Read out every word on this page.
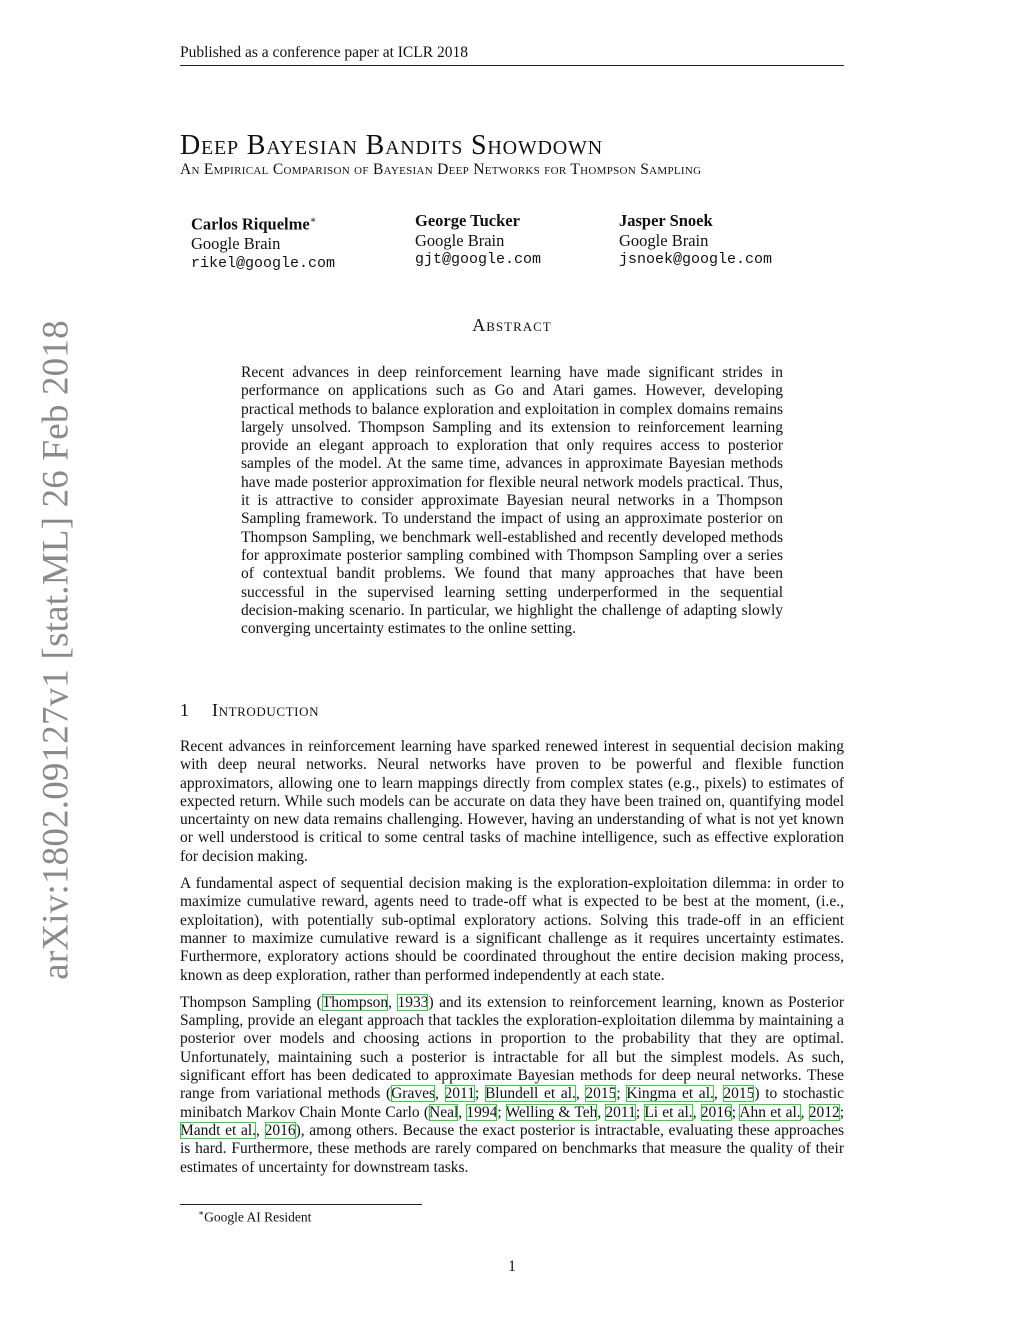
Published as a conference paper at ICLR 2018
arXiv:1802.09127v1 [stat.ML] 26 Feb 2018
Deep Bayesian Bandits Showdown
An Empirical Comparison of Bayesian Deep Networks for Thompson Sampling
Carlos Riquelme∗
Google Brain
rikel@google.com
George Tucker
Google Brain
gjt@google.com
Jasper Snoek
Google Brain
jsnoek@google.com
Abstract
Recent advances in deep reinforcement learning have made significant strides in performance on applications such as Go and Atari games. However, developing practical methods to balance exploration and exploitation in complex domains remains largely unsolved. Thompson Sampling and its extension to reinforcement learning provide an elegant approach to exploration that only requires access to posterior samples of the model. At the same time, advances in approximate Bayesian methods have made posterior approximation for flexible neural network models practical. Thus, it is attractive to consider approximate Bayesian neural networks in a Thompson Sampling framework. To understand the impact of using an approximate posterior on Thompson Sampling, we benchmark well-established and recently developed methods for approximate posterior sampling combined with Thompson Sampling over a series of contextual bandit problems. We found that many approaches that have been successful in the supervised learning setting underperformed in the sequential decision-making scenario. In particular, we highlight the challenge of adapting slowly converging uncertainty estimates to the online setting.
1 Introduction

Recent advances in reinforcement learning have sparked renewed interest in sequential decision making with deep neural networks. Neural networks have proven to be powerful and flexible function approximators, allowing one to learn mappings directly from complex states (e.g., pixels) to estimates of expected return. While such models can be accurate on data they have been trained on, quantifying model uncertainty on new data remains challenging. However, having an understanding of what is not yet known or well understood is critical to some central tasks of machine intelligence, such as effective exploration for decision making.

A fundamental aspect of sequential decision making is the exploration-exploitation dilemma: in order to maximize cumulative reward, agents need to trade-off what is expected to be best at the moment, (i.e., exploitation), with potentially sub-optimal exploratory actions. Solving this trade-off in an efficient manner to maximize cumulative reward is a significant challenge as it requires uncertainty estimates. Furthermore, exploratory actions should be coordinated throughout the entire decision making process, known as deep exploration, rather than performed independently at each state.

Thompson Sampling (Thompson, 1933) and its extension to reinforcement learning, known as Posterior Sampling, provide an elegant approach that tackles the exploration-exploitation dilemma by maintaining a posterior over models and choosing actions in proportion to the probability that they are optimal. Unfortunately, maintaining such a posterior is intractable for all but the simplest models. As such, significant effort has been dedicated to approximate Bayesian methods for deep neural networks. These range from variational methods (Graves, 2011; Blundell et al., 2015; Kingma et al., 2015) to stochastic minibatch Markov Chain Monte Carlo (Neal, 1994; Welling & Teh, 2011; Li et al., 2016; Ahn et al., 2012; Mandt et al., 2016), among others. Because the exact posterior is intractable, evaluating these approaches is hard. Furthermore, these methods are rarely compared on benchmarks that measure the quality of their estimates of uncertainty for downstream tasks.

∗Google AI Resident
1
